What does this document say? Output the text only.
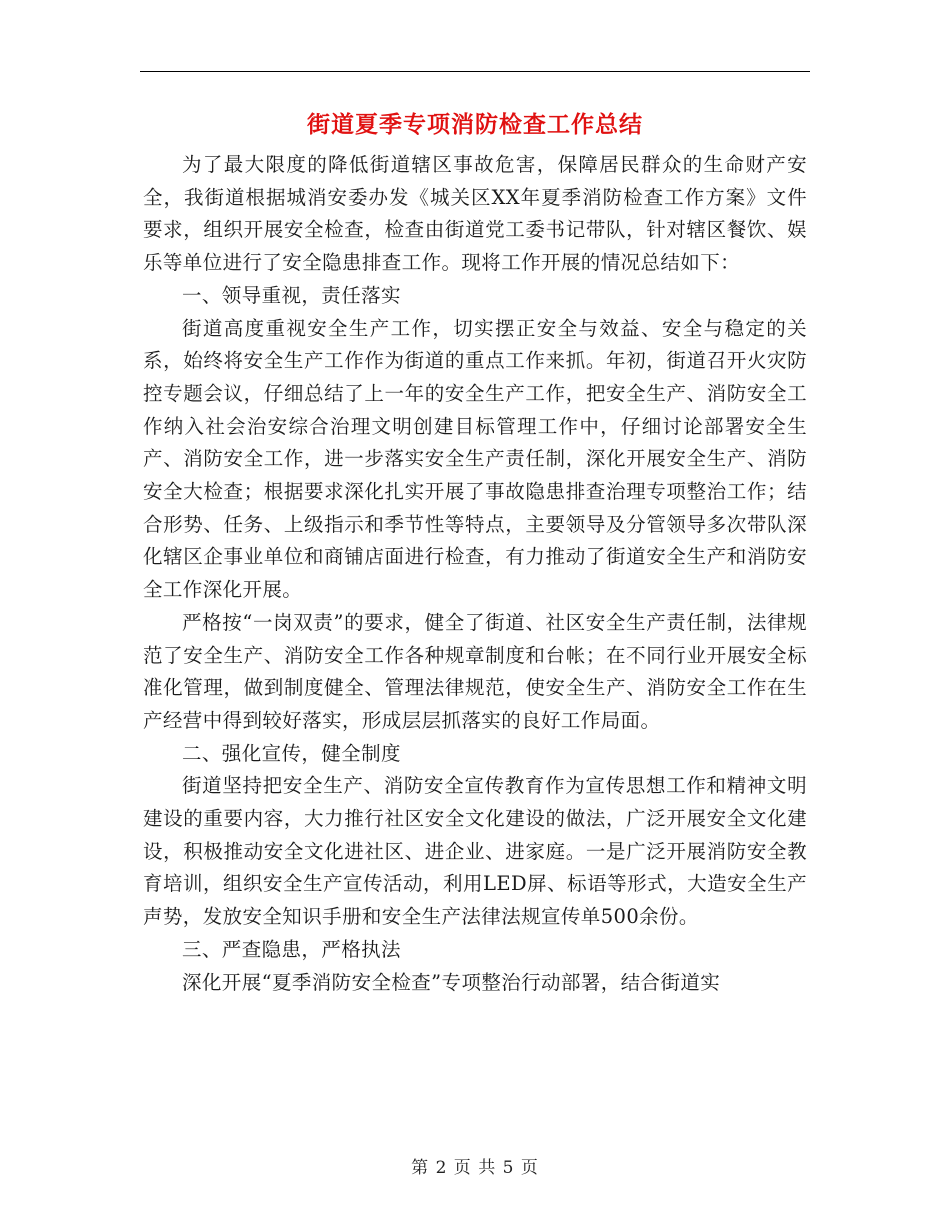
街道夏季专项消防检查工作总结

为了最大限度的降低街道辖区事故危害，保障居民群众的生命财产安全，我街道根据城消安委办发《城关区XX年夏季消防检查工作方案》文件要求，组织开展安全检查，检查由街道党工委书记带队，针对辖区餐饮、娱乐等单位进行了安全隐患排查工作。现将工作开展的情况总结如下：

一、领导重视，责任落实

街道高度重视安全生产工作，切实摆正安全与效益、安全与稳定的关系，始终将安全生产工作作为街道的重点工作来抓。年初，街道召开火灾防控专题会议，仔细总结了上一年的安全生产工作，把安全生产、消防安全工作纳入社会治安综合治理文明创建目标管理工作中，仔细讨论部署安全生产、消防安全工作，进一步落实安全生产责任制，深化开展安全生产、消防安全大检查；根据要求深化扎实开展了事故隐患排查治理专项整治工作；结合形势、任务、上级指示和季节性等特点，主要领导及分管领导多次带队深化辖区企事业单位和商铺店面进行检查，有力推动了街道安全生产和消防安全工作深化开展。

严格按“一岗双责”的要求，健全了街道、社区安全生产责任制，法律规范了安全生产、消防安全工作各种规章制度和台帐；在不同行业开展安全标准化管理，做到制度健全、管理法律规范，使安全生产、消防安全工作在生产经营中得到较好落实，形成层层抓落实的良好工作局面。

二、强化宣传，健全制度

街道坚持把安全生产、消防安全宣传教育作为宣传思想工作和精神文明建设的重要内容，大力推行社区安全文化建设的做法，广泛开展安全文化建设，积极推动安全文化进社区、进企业、进家庭。一是广泛开展消防安全教育培训，组织安全生产宣传活动，利用LED屏、标语等形式，大造安全生产声势，发放安全知识手册和安全生产法律法规宣传单500余份。

三、严查隐患，严格执法

深化开展“夏季消防安全检查”专项整治行动部署，结合街道实

第 2 页 共 5 页
